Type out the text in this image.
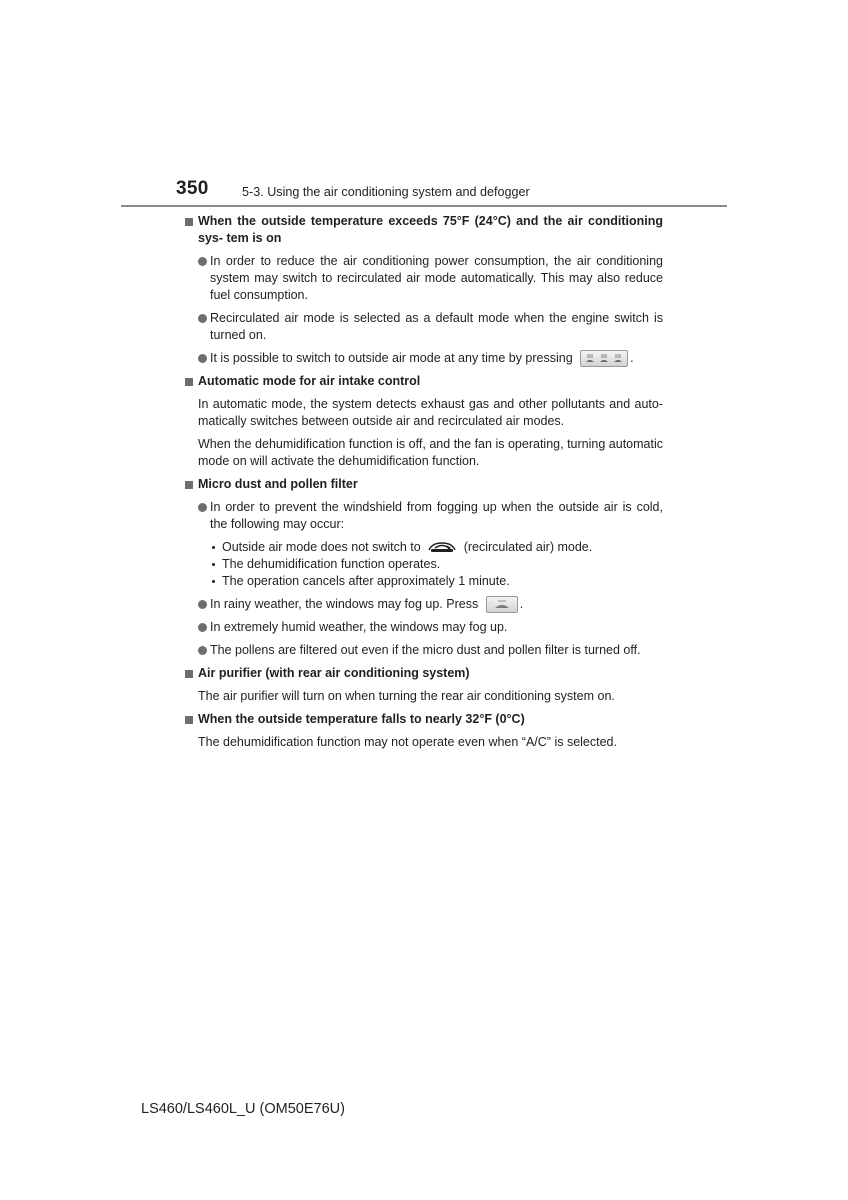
350	5-3. Using the air conditioning system and defogger
When the outside temperature exceeds 75°F (24°C) and the air conditioning sys- tem is on
In order to reduce the air conditioning power consumption, the air conditioning system may switch to recirculated air mode automatically. This may also reduce fuel consumption.
Recirculated air mode is selected as a default mode when the engine switch is turned on.
It is possible to switch to outside air mode at any time by pressing	.
Automatic mode for air intake control
In automatic mode, the system detects exhaust gas and other pollutants and auto- matically switches between outside air and recirculated air modes.
When the dehumidification function is off, and the fan is operating, turning automatic mode on will activate the dehumidification function.
Micro dust and pollen filter
In order to prevent the windshield from fogging up when the outside air is cold, the following may occur:
Outside air mode does not switch to	(recirculated air) mode.
The dehumidification function operates.
The operation cancels after approximately 1 minute.
In rainy weather, the windows may fog up. Press	.
In extremely humid weather, the windows may fog up.
The pollens are filtered out even if the micro dust and pollen filter is turned off.
Air purifier (with rear air conditioning system)
The air purifier will turn on when turning the rear air conditioning system on.
When the outside temperature falls to nearly 32°F (0°C)
The dehumidification function may not operate even when “A/C” is selected.
LS460/LS460L_U (OM50E76U)
